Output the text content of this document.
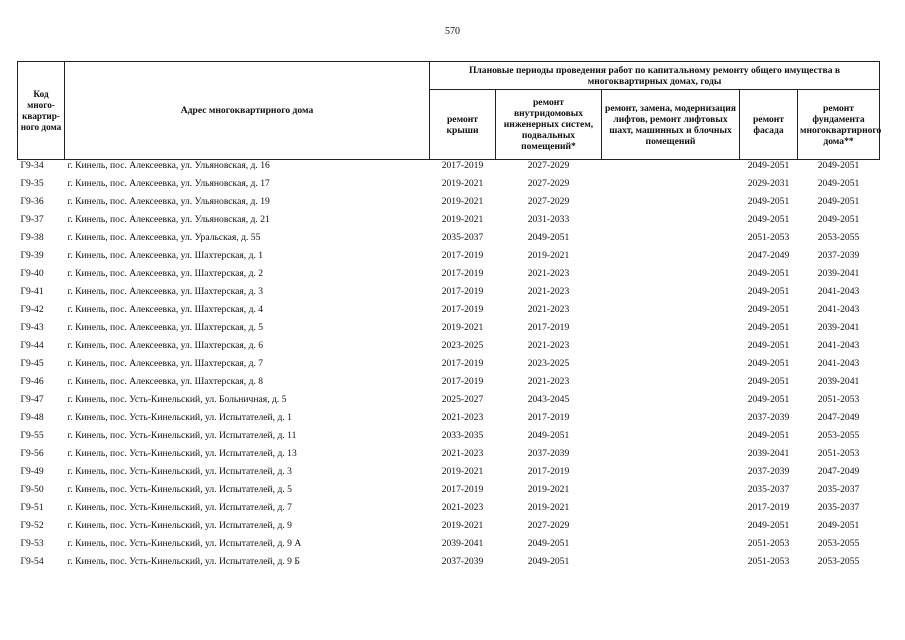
570
Код много-квартир-ного дома	Адрес многоквартирного дома	Плановые периоды проведения работ по капитальному ремонту общего имущества в многоквартирных домах, годы				
		ремонт крыши	ремонт внутридомовых инженерных систем, подвальных помещений*	ремонт, замена, модернизация лифтов, ремонт лифтовых шахт, машинных и блочных помещений	ремонт фасада	ремонт фундамента многоквартирного дома**
Г9-34	г. Кинель, пос. Алексеевка, ул. Ульяновская, д. 16	2017-2019	2027-2029		2049-2051	2049-2051
Г9-35	г. Кинель, пос. Алексеевка, ул. Ульяновская, д. 17	2019-2021	2027-2029		2029-2031	2049-2051
Г9-36	г. Кинель, пос. Алексеевка, ул. Ульяновская, д. 19	2019-2021	2027-2029		2049-2051	2049-2051
Г9-37	г. Кинель, пос. Алексеевка, ул. Ульяновская, д. 21	2019-2021	2031-2033		2049-2051	2049-2051
Г9-38	г. Кинель, пос. Алексеевка, ул. Уральская, д. 55	2035-2037	2049-2051		2051-2053	2053-2055
Г9-39	г. Кинель, пос. Алексеевка, ул. Шахтерская, д. 1	2017-2019	2019-2021		2047-2049	2037-2039
Г9-40	г. Кинель, пос. Алексеевка, ул. Шахтерская, д. 2	2017-2019	2021-2023		2049-2051	2039-2041
Г9-41	г. Кинель, пос. Алексеевка, ул. Шахтерская, д. 3	2017-2019	2021-2023		2049-2051	2041-2043
Г9-42	г. Кинель, пос. Алексеевка, ул. Шахтерская, д. 4	2017-2019	2021-2023		2049-2051	2041-2043
Г9-43	г. Кинель, пос. Алексеевка, ул. Шахтерская, д. 5	2019-2021	2017-2019		2049-2051	2039-2041
Г9-44	г. Кинель, пос. Алексеевка, ул. Шахтерская, д. 6	2023-2025	2021-2023		2049-2051	2041-2043
Г9-45	г. Кинель, пос. Алексеевка, ул. Шахтерская, д. 7	2017-2019	2023-2025		2049-2051	2041-2043
Г9-46	г. Кинель, пос. Алексеевка, ул. Шахтерская, д. 8	2017-2019	2021-2023		2049-2051	2039-2041
Г9-47	г. Кинель, пос. Усть-Кинельский, ул. Больничная, д. 5	2025-2027	2043-2045		2049-2051	2051-2053
Г9-48	г. Кинель, пос. Усть-Кинельский, ул. Испытателей, д. 1	2021-2023	2017-2019		2037-2039	2047-2049
Г9-55	г. Кинель, пос. Усть-Кинельский, ул. Испытателей, д. 11	2033-2035	2049-2051		2049-2051	2053-2055
Г9-56	г. Кинель, пос. Усть-Кинельский, ул. Испытателей, д. 13	2021-2023	2037-2039		2039-2041	2051-2053
Г9-49	г. Кинель, пос. Усть-Кинельский, ул. Испытателей, д. 3	2019-2021	2017-2019		2037-2039	2047-2049
Г9-50	г. Кинель, пос. Усть-Кинельский, ул. Испытателей, д. 5	2017-2019	2019-2021		2035-2037	2035-2037
Г9-51	г. Кинель, пос. Усть-Кинельский, ул. Испытателей, д. 7	2021-2023	2019-2021		2017-2019	2035-2037
Г9-52	г. Кинель, пос. Усть-Кинельский, ул. Испытателей, д. 9	2019-2021	2027-2029		2049-2051	2049-2051
Г9-53	г. Кинель, пос. Усть-Кинельский, ул. Испытателей, д. 9 А	2039-2041	2049-2051		2051-2053	2053-2055
Г9-54	г. Кинель, пос. Усть-Кинельский, ул. Испытателей, д. 9 Б	2037-2039	2049-2051		2051-2053	2053-2055
